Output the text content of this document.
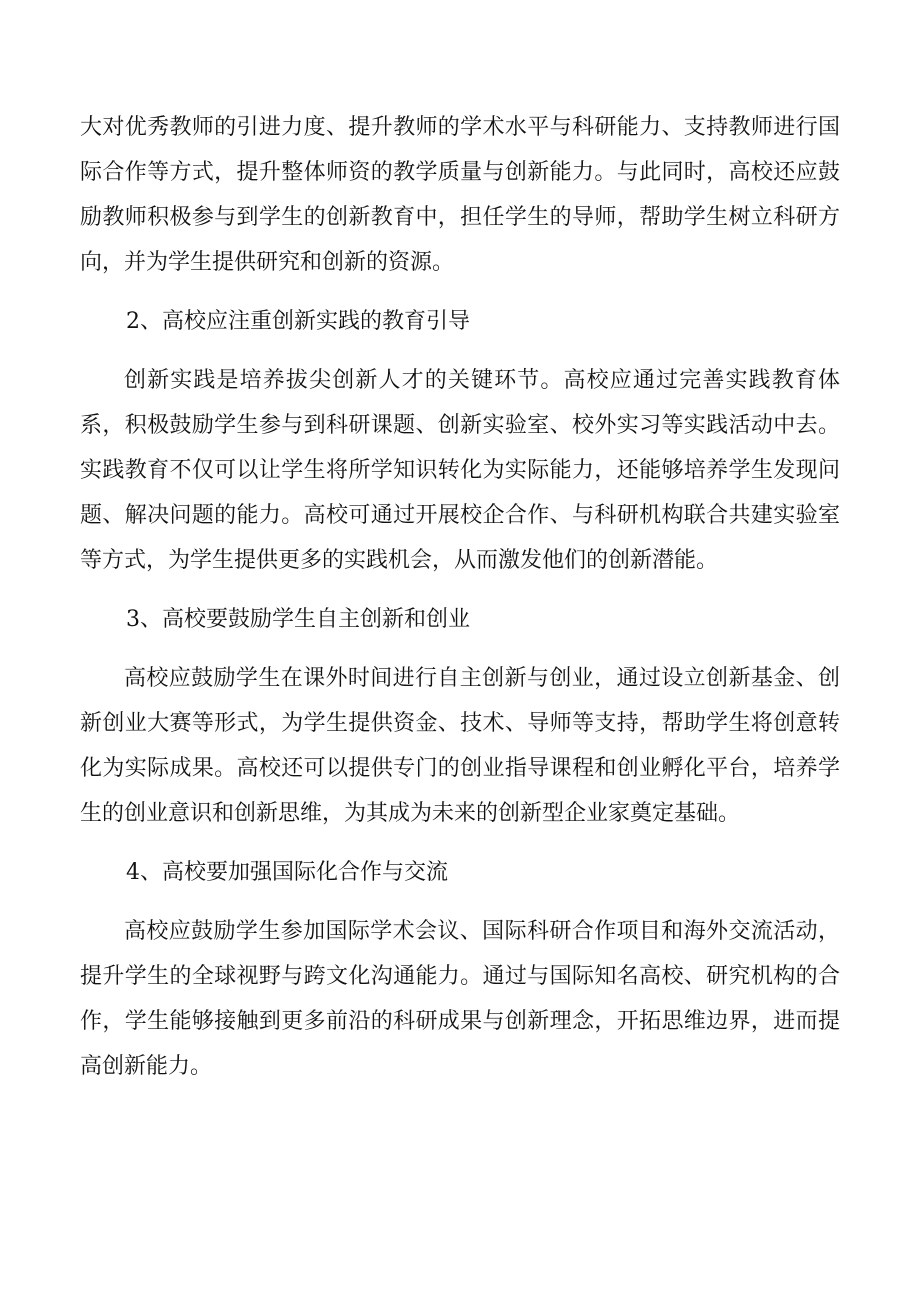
大对优秀教师的引进力度、提升教师的学术水平与科研能力、支持教师进行国际合作等方式，提升整体师资的教学质量与创新能力。与此同时，高校还应鼓励教师积极参与到学生的创新教育中，担任学生的导师，帮助学生树立科研方向，并为学生提供研究和创新的资源。

2、高校应注重创新实践的教育引导

创新实践是培养拔尖创新人才的关键环节。高校应通过完善实践教育体系，积极鼓励学生参与到科研课题、创新实验室、校外实习等实践活动中去。实践教育不仅可以让学生将所学知识转化为实际能力，还能够培养学生发现问题、解决问题的能力。高校可通过开展校企合作、与科研机构联合共建实验室等方式，为学生提供更多的实践机会，从而激发他们的创新潜能。

3、高校要鼓励学生自主创新和创业

高校应鼓励学生在课外时间进行自主创新与创业，通过设立创新基金、创新创业大赛等形式，为学生提供资金、技术、导师等支持，帮助学生将创意转化为实际成果。高校还可以提供专门的创业指导课程和创业孵化平台，培养学生的创业意识和创新思维，为其成为未来的创新型企业家奠定基础。

4、高校要加强国际化合作与交流

高校应鼓励学生参加国际学术会议、国际科研合作项目和海外交流活动，提升学生的全球视野与跨文化沟通能力。通过与国际知名高校、研究机构的合作，学生能够接触到更多前沿的科研成果与创新理念，开拓思维边界，进而提高创新能力。
